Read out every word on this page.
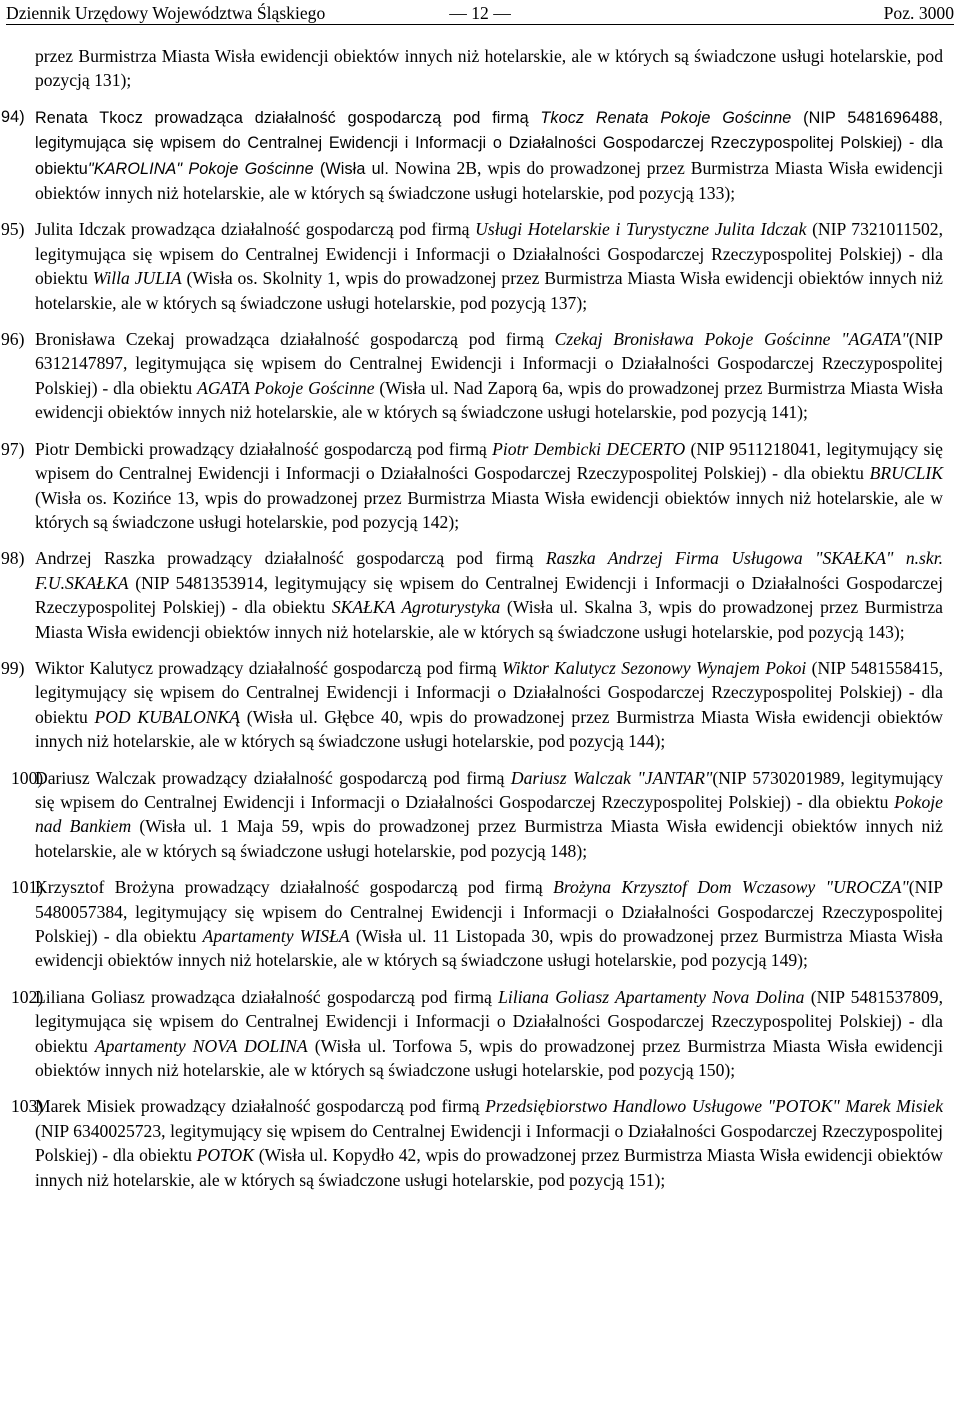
Dziennik Urzędowy Województwa Śląskiego	— 12 —	Poz. 3000

przez Burmistrza Miasta Wisła ewidencji obiektów innych niż hotelarskie, ale w których są świadczone usługi hotelarskie, pod pozycją 131);

94) Renata Tkocz prowadząca działalność gospodarczą pod firmą Tkocz Renata Pokoje Gościnne (NIP 5481696488, legitymująca się wpisem do Centralnej Ewidencji i Informacji o Działalności Gospodarczej Rzeczypospolitej Polskiej) - dla obiektu"KAROLINA" Pokoje Gościnne (Wisła ul. Nowina 2B, wpis do prowadzonej przez Burmistrza Miasta Wisła ewidencji obiektów innych niż hotelarskie, ale w których są świadczone usługi hotelarskie, pod pozycją 133);
95) Julita Idczak prowadząca działalność gospodarczą pod firmą Usługi Hotelarskie i Turystyczne Julita Idczak (NIP 7321011502, legitymująca się wpisem do Centralnej Ewidencji i Informacji o Działalności Gospodarczej Rzeczypospolitej Polskiej) - dla obiektu Willa JULIA (Wisła os. Skolnity 1, wpis do prowadzonej przez Burmistrza Miasta Wisła ewidencji obiektów innych niż hotelarskie, ale w których są świadczone usługi hotelarskie, pod pozycją 137);
96) Bronisława Czekaj prowadząca działalność gospodarczą pod firmą Czekaj Bronisława Pokoje Gościnne "AGATA"(NIP 6312147897, legitymująca się wpisem do Centralnej Ewidencji i Informacji o Działalności Gospodarczej Rzeczypospolitej Polskiej) - dla obiektu AGATA Pokoje Gościnne (Wisła ul. Nad Zaporą 6a, wpis do prowadzonej przez Burmistrza Miasta Wisła ewidencji obiektów innych niż hotelarskie, ale w których są świadczone usługi hotelarskie, pod pozycją 141);
97) Piotr Dembicki prowadzący działalność gospodarczą pod firmą Piotr Dembicki DECERTO (NIP 9511218041, legitymujący się wpisem do Centralnej Ewidencji i Informacji o Działalności Gospodarczej Rzeczypospolitej Polskiej) - dla obiektu BRUCLIK (Wisła os. Kozińce 13, wpis do prowadzonej przez Burmistrza Miasta Wisła ewidencji obiektów innych niż hotelarskie, ale w których są świadczone usługi hotelarskie, pod pozycją 142);
98) Andrzej Raszka prowadzący działalność gospodarczą pod firmą Raszka Andrzej Firma Usługowa "SKAŁKA" n.skr. F.U.SKAŁKA (NIP 5481353914, legitymujący się wpisem do Centralnej Ewidencji i Informacji o Działalności Gospodarczej Rzeczypospolitej Polskiej) - dla obiektu SKAŁKA Agroturystyka (Wisła ul. Skalna 3, wpis do prowadzonej przez Burmistrza Miasta Wisła ewidencji obiektów innych niż hotelarskie, ale w których są świadczone usługi hotelarskie, pod pozycją 143);
99) Wiktor Kalutycz prowadzący działalność gospodarczą pod firmą Wiktor Kalutycz Sezonowy Wynajem Pokoi (NIP 5481558415, legitymujący się wpisem do Centralnej Ewidencji i Informacji o Działalności Gospodarczej Rzeczypospolitej Polskiej) - dla obiektu POD KUBALONKĄ (Wisła ul. Głębce 40, wpis do prowadzonej przez Burmistrza Miasta Wisła ewidencji obiektów innych niż hotelarskie, ale w których są świadczone usługi hotelarskie, pod pozycją 144);
100)
Dariusz Walczak prowadzący działalność gospodarczą pod firmą Dariusz Walczak "JANTAR"(NIP 5730201989, legitymujący się wpisem do Centralnej Ewidencji i Informacji o Działalności Gospodarczej Rzeczypospolitej Polskiej) - dla obiektu Pokoje nad Bankiem (Wisła ul. 1 Maja 59, wpis do prowadzonej przez Burmistrza Miasta Wisła ewidencji obiektów innych niż hotelarskie, ale w których są świadczone usługi hotelarskie, pod pozycją 148);
101)
Krzysztof Brożyna prowadzący działalność gospodarczą pod firmą Brożyna Krzysztof Dom Wczasowy "UROCZA"(NIP 5480057384, legitymujący się wpisem do Centralnej Ewidencji i Informacji o Działalności Gospodarczej Rzeczypospolitej Polskiej) - dla obiektu Apartamenty WISŁA (Wisła ul. 11 Listopada 30, wpis do prowadzonej przez Burmistrza Miasta Wisła ewidencji obiektów innych niż hotelarskie, ale w których są świadczone usługi hotelarskie, pod pozycją 149);
102)
Liliana Goliasz prowadząca działalność gospodarczą pod firmą Liliana Goliasz Apartamenty Nova Dolina (NIP 5481537809, legitymująca się wpisem do Centralnej Ewidencji i Informacji o Działalności Gospodarczej Rzeczypospolitej Polskiej) - dla obiektu Apartamenty NOVA DOLINA (Wisła ul. Torfowa 5, wpis do prowadzonej przez Burmistrza Miasta Wisła ewidencji obiektów innych niż hotelarskie, ale w których są świadczone usługi hotelarskie, pod pozycją 150);
103)
Marek Misiek prowadzący działalność gospodarczą pod firmą Przedsiębiorstwo Handlowo Usługowe "POTOK" Marek Misiek (NIP 6340025723, legitymujący się wpisem do Centralnej Ewidencji i Informacji o Działalności Gospodarczej Rzeczypospolitej Polskiej) - dla obiektu POTOK (Wisła ul. Kopydło 42, wpis do prowadzonej przez Burmistrza Miasta Wisła ewidencji obiektów innych niż hotelarskie, ale w których są świadczone usługi hotelarskie, pod pozycją 151);
